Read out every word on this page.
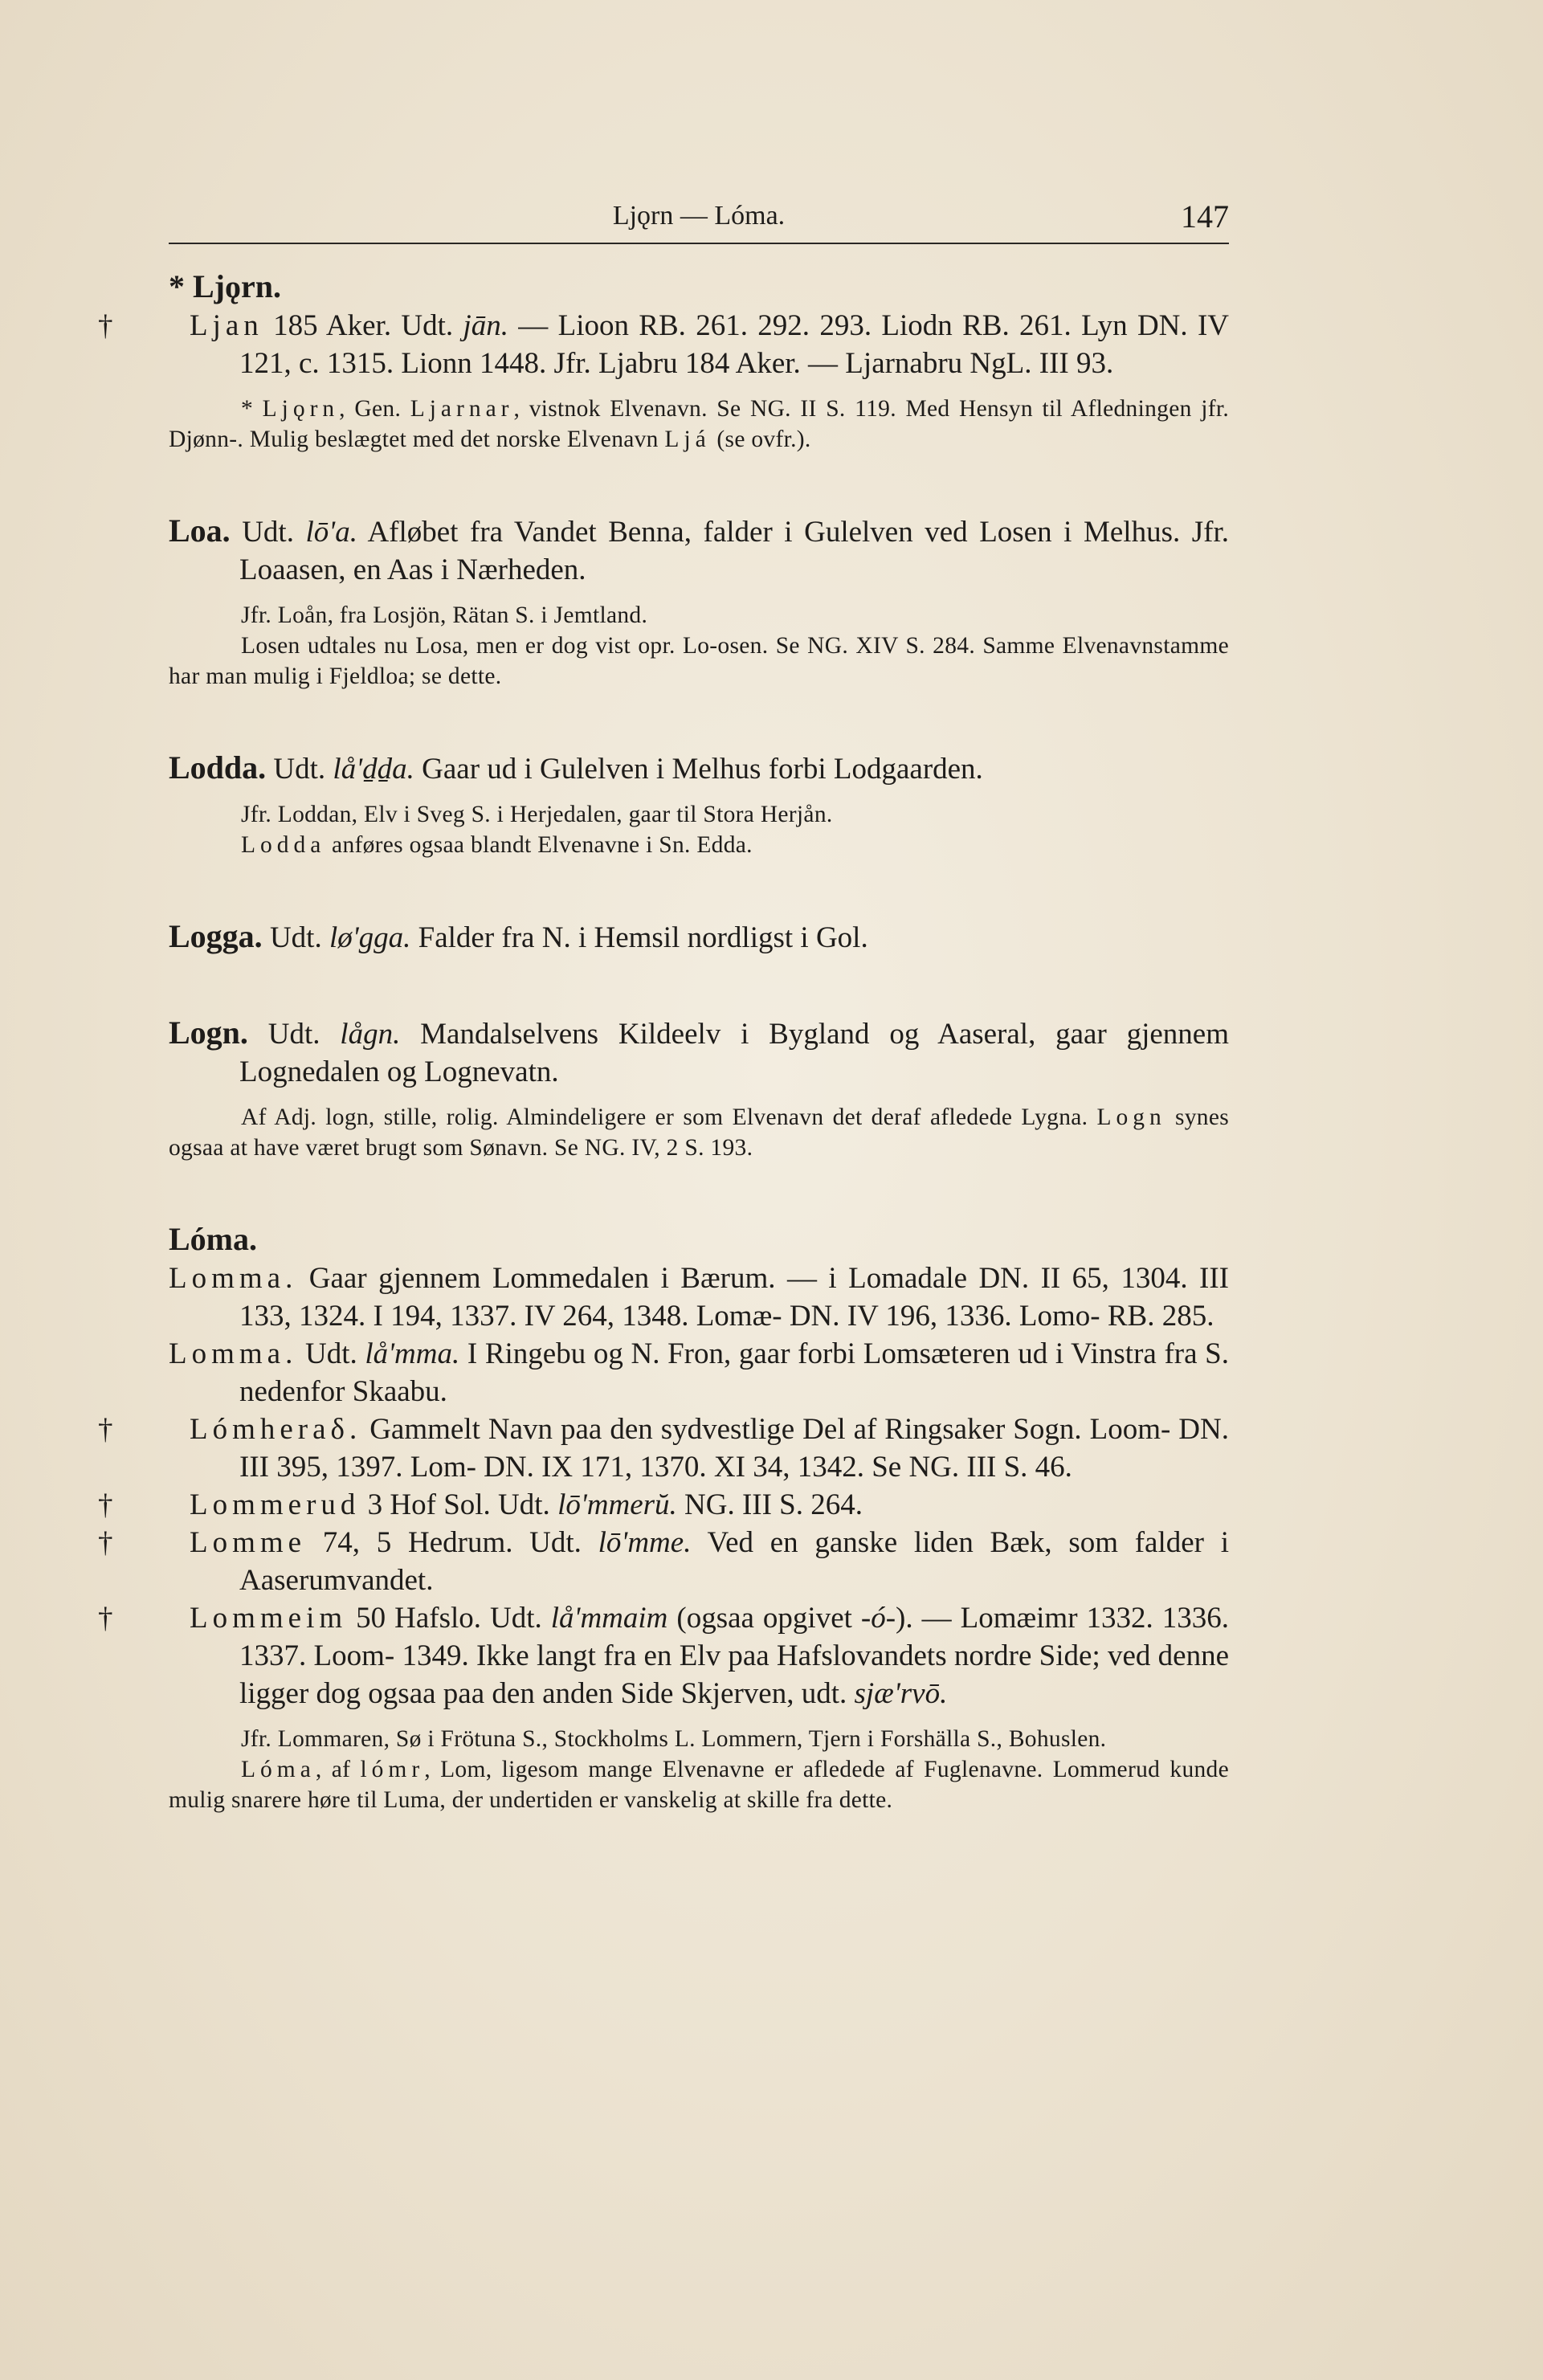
Ljǫrn — Lóma.	147
* Ljǫrn.

†	Ljan 185 Aker. Udt. jān. — Lioon RB. 261. 292. 293. Liodn RB. 261. Lyn DN. IV 121, c. 1315. Lionn 1448. Jfr. Ljabru 184 Aker. — Ljarnabru NgL. III 93.

* Ljǫrn, Gen. Ljarnar, vistnok Elvenavn. Se NG. II S. 119. Med Hensyn til Afledningen jfr. Djønn-. Mulig beslægtet med det norske Elvenavn Ljá (se ovfr.).

Loa. Udt. lō'a. Afløbet fra Vandet Benna, falder i Gulelven ved Losen i Melhus. Jfr. Loaasen, en Aas i Nærheden.

Jfr. Loån, fra Losjön, Rätan S. i Jemtland.

Losen udtales nu Losa, men er dog vist opr. Lo-osen. Se NG. XIV S. 284. Samme Elvenavnstamme har man mulig i Fjeldloa; se dette.

Lodda. Udt. lå'ḏḏa. Gaar ud i Gulelven i Melhus forbi Lodgaarden.

Jfr. Loddan, Elv i Sveg S. i Herjedalen, gaar til Stora Herjån.

Lodda anføres ogsaa blandt Elvenavne i Sn. Edda.

Logga. Udt. lø'gga. Falder fra N. i Hemsil nordligst i Gol.

Logn. Udt. lågn. Mandalselvens Kildeelv i Bygland og Aaseral, gaar gjennem Lognedalen og Lognevatn.

Af Adj. logn, stille, rolig. Almindeligere er som Elvenavn det deraf afledede Lygna. Logn synes ogsaa at have været brugt som Sønavn. Se NG. IV, 2 S. 193.

Lóma.

Lomma. Gaar gjennem Lommedalen i Bærum. — i Lomadale DN. II 65, 1304. III 133, 1324. I 194, 1337. IV 264, 1348. Lomæ- DN. IV 196, 1336. Lomo- RB. 285.

Lomma. Udt. lå'mma. I Ringebu og N. Fron, gaar forbi Lomsæteren ud i Vinstra fra S. nedenfor Skaabu.

†	Lómheraδ. Gammelt Navn paa den sydvestlige Del af Ringsaker Sogn. Loom- DN. III 395, 1397. Lom- DN. IX 171, 1370. XI 34, 1342. Se NG. III S. 46.

†	Lommerud 3 Hof Sol. Udt. lō'mmerŭ. NG. III S. 264.

†	Lomme 74, 5 Hedrum. Udt. lō'mme. Ved en ganske liden Bæk, som falder i Aaserumvandet.

†	Lommeim 50 Hafslo. Udt. lå'mmaim (ogsaa opgivet -ó-). — Lomæimr 1332. 1336. 1337. Loom- 1349. Ikke langt fra en Elv paa Hafslovandets nordre Side; ved denne ligger dog ogsaa paa den anden Side Skjerven, udt. sjæ'rvō.

Jfr. Lommaren, Sø i Frötuna S., Stockholms L. Lommern, Tjern i Forshälla S., Bohuslen.

Lóma, af lómr, Lom, ligesom mange Elvenavne er afledede af Fuglenavne. Lommerud kunde mulig snarere høre til Luma, der undertiden er vanskelig at skille fra dette.
